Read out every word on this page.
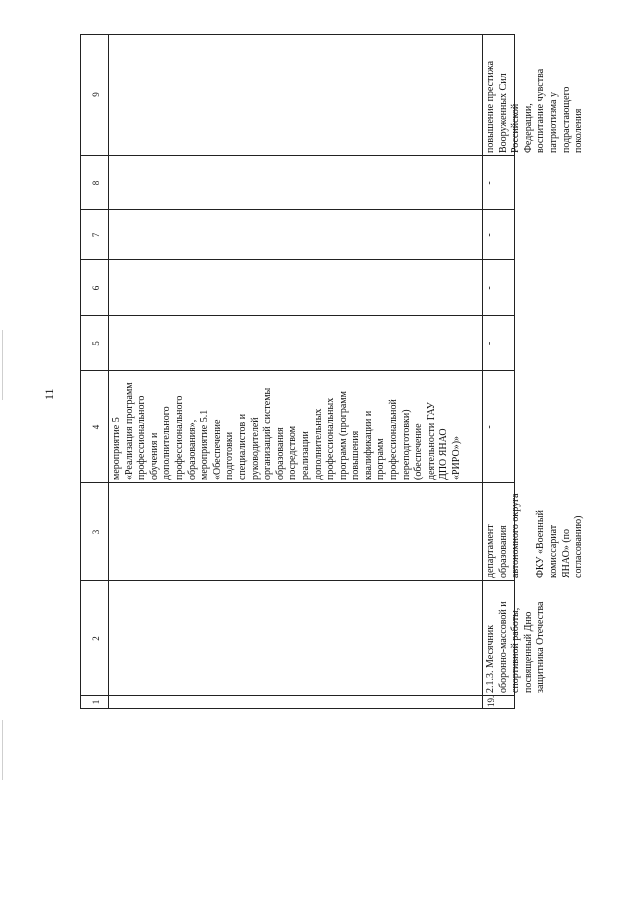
11
1
2
3
4
5
6
7
8
9
мероприятие 5
«Реализация программ
профессионального
обучения и
дополнительного
профессионального
образования»,
мероприятие 5.1
«Обеспечение
подготовки
специалистов и
руководителей
организаций системы
образования
посредством
реализации
дополнительных
профессиональных
программ (программ
повышения
квалификации и
программ
профессиональной
переподготовки)
(обеспечение
деятельности ГАУ
ДПО ЯНАО
«РИРО»)»
19.
2.1.3. Месячник
оборонно-массовой и
спортивной работы,
посвященный Дню
защитника Отечества
департамент
образования
автономного округа

ФКУ «Военный
комиссариат
ЯНАО» (по
согласованию)
-
-
-
-
-
повышение престижа
Вооруженных Сил
Российской
Федерации,
воспитание чувства
патриотизма у
подрастающего
поколения
